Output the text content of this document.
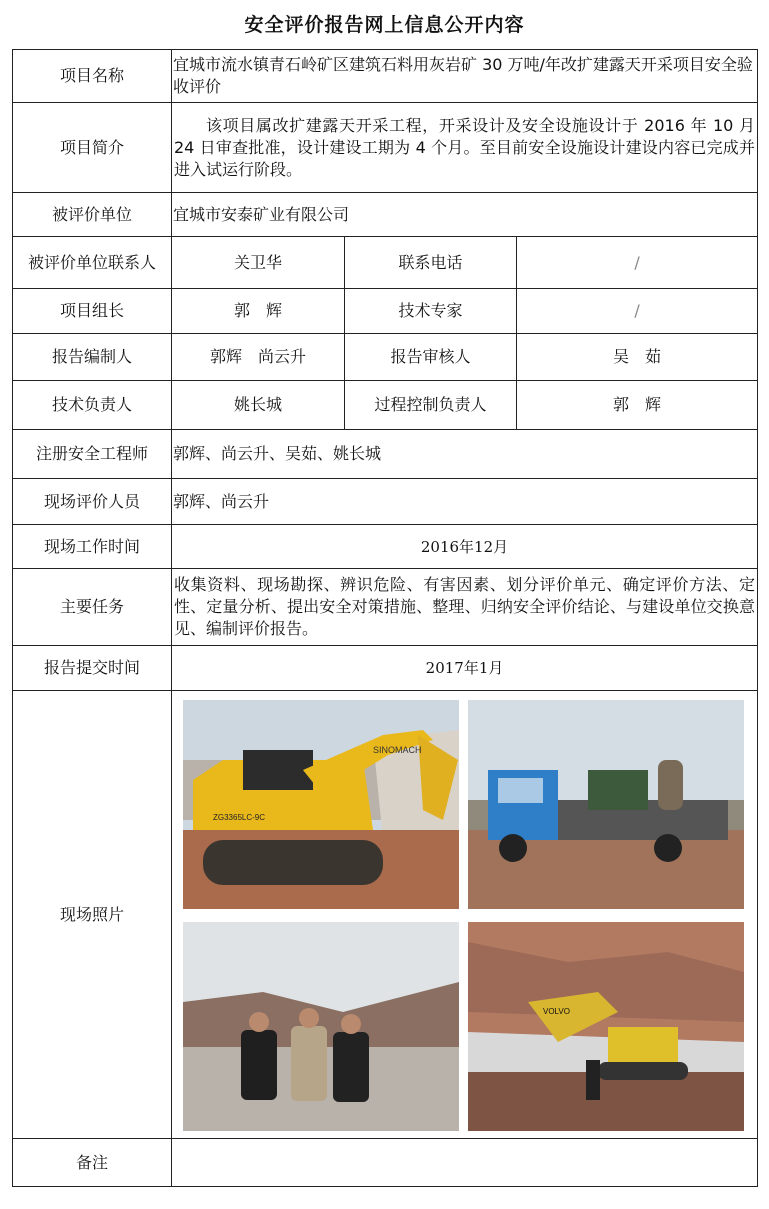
安全评价报告网上信息公开内容
项目名称	宜城市流水镇青石岭矿区建筑石料用灰岩矿 30 万吨/年改扩建露天开采项目安全验收评价		
项目简介	该项目属改扩建露天开采工程，开采设计及安全设施设计于 2016 年 10 月 24 日审查批准，设计建设工期为 4 个月。至目前安全设施设计建设内容已完成并进入试运行阶段。		
被评价单位	宜城市安泰矿业有限公司		
被评价单位联系人	关卫华	联系电话	/
项目组长	郭　辉	技术专家	/
报告编制人	郭辉　尚云升	报告审核人	吴　茹
技术负责人	姚长城	过程控制负责人	郭　辉
注册安全工程师	郭辉、尚云升、吴茹、姚长城		
现场评价人员	郭辉、尚云升		
现场工作时间	2016年12月		
主要任务	收集资料、现场勘探、辨识危险、有害因素、划分评价单元、确定评价方法、定性、定量分析、提出安全对策措施、整理、归纳安全评价结论、与建设单位交换意见、编制评价报告。		
报告提交时间	2017年1月		
现场照片	SINOMACH
ZG3365LC-9C
VOLVO		

备注			
